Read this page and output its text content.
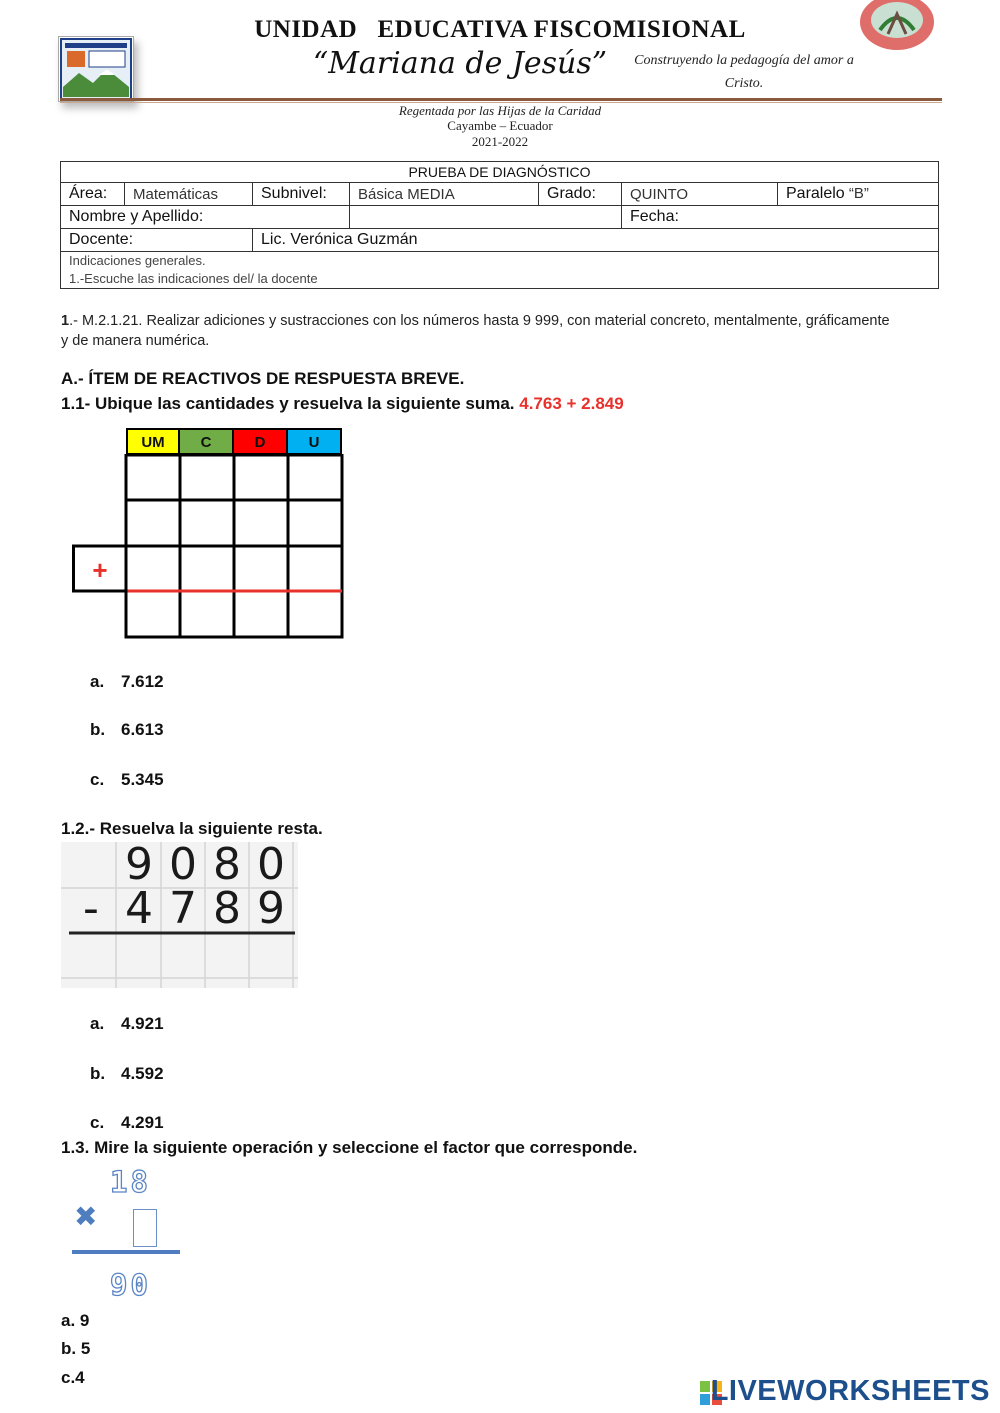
UNIDAD   EDUCATIVA FISCOMISIONAL
“Mariana de Jesús”	Construyendo la pedagogía del amor a
Cristo.
Regentada por las Hijas de la Caridad
Cayambe – Ecuador
2021-2022
PRUEBA DE DIAGNÓSTICO						
Área:	Matemáticas	Subnivel:	Básica MEDIA	Grado:	QUINTO	Paralelo “B”
Nombre y Apellido:					Fecha:	
Docente:		Lic. Verónica Guzmán				

Indicaciones generales.
1.-Escuche las indicaciones del/ la docente						
1.- M.2.1.21. Realizar adiciones y sustracciones con los números hasta 9 999, con material concreto, mentalmente, gráficamente
y de manera numérica.
A.- ÍTEM DE REACTIVOS DE RESPUESTA BREVE.
1.1- Ubique las cantidades y resuelva la siguiente suma. 4.763 + 2.849
UM	C	D	U
+
a. 7.612
b. 6.613
c. 5.345
1.2.- Resuelva la siguiente resta.
9 0 8 0
- 4 7 8 9
a. 4.921
b. 4.592
c. 4.291
1.3. Mire la siguiente operación y seleccione el factor que corresponde.
18
✖
90
a. 9
b. 5
c.4	LIVEWORKSHEETS
